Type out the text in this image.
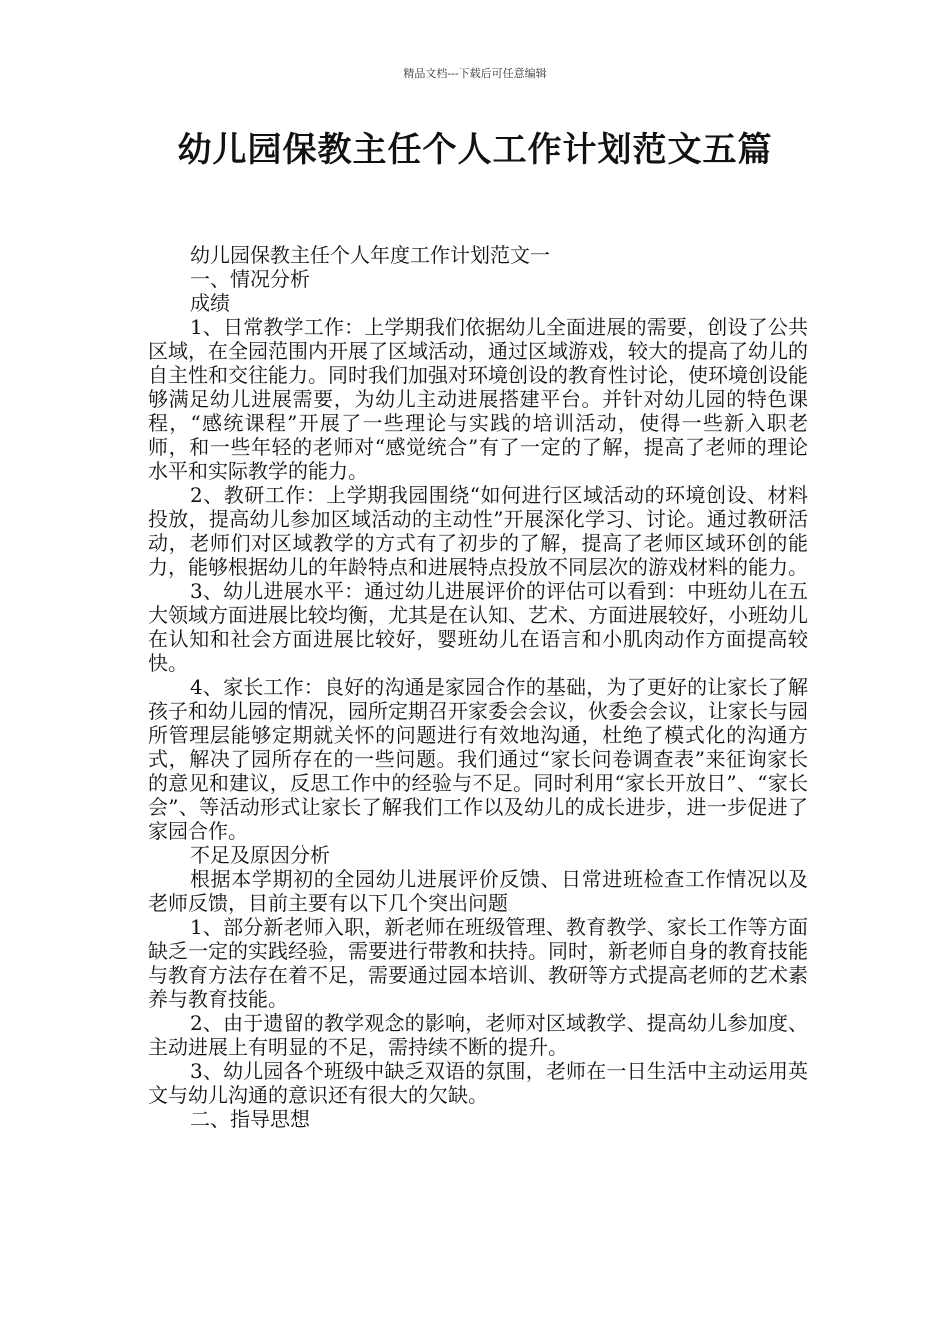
精品文档---下载后可任意编辑
幼儿园保教主任个人工作计划范文五篇

幼儿园保教主任个人年度工作计划范文一

一、情况分析

成绩

1、日常教学工作：上学期我们依据幼儿全面进展的需要，创设了公共区域，在全园范围内开展了区域活动，通过区域游戏，较大的提高了幼儿的自主性和交往能力。同时我们加强对环境创设的教育性讨论，使环境创设能够满足幼儿进展需要，为幼儿主动进展搭建平台。并针对幼儿园的特色课程，“感统课程”开展了一些理论与实践的培训活动，使得一些新入职老师，和一些年轻的老师对“感觉统合”有了一定的了解，提高了老师的理论水平和实际教学的能力。

2、教研工作：上学期我园围绕“如何进行区域活动的环境创设、材料投放，提高幼儿参加区域活动的主动性”开展深化学习、讨论。通过教研活动，老师们对区域教学的方式有了初步的了解，提高了老师区域环创的能力，能够根据幼儿的年龄特点和进展特点投放不同层次的游戏材料的能力。

3、幼儿进展水平：通过幼儿进展评价的评估可以看到：中班幼儿在五大领域方面进展比较均衡，尤其是在认知、艺术、方面进展较好，小班幼儿在认知和社会方面进展比较好，婴班幼儿在语言和小肌肉动作方面提高较快。

4、家长工作：良好的沟通是家园合作的基础，为了更好的让家长了解孩子和幼儿园的情况，园所定期召开家委会会议，伙委会会议，让家长与园所管理层能够定期就关怀的问题进行有效地沟通，杜绝了模式化的沟通方式，解决了园所存在的一些问题。我们通过“家长问卷调查表”来征询家长的意见和建议，反思工作中的经验与不足。同时利用“家长开放日”、“家长会”、等活动形式让家长了解我们工作以及幼儿的成长进步，进一步促进了家园合作。

不足及原因分析

根据本学期初的全园幼儿进展评价反馈、日常进班检查工作情况以及老师反馈，目前主要有以下几个突出问题

1、部分新老师入职，新老师在班级管理、教育教学、家长工作等方面缺乏一定的实践经验，需要进行带教和扶持。同时，新老师自身的教育技能与教育方法存在着不足，需要通过园本培训、教研等方式提高老师的艺术素养与教育技能。

2、由于遗留的教学观念的影响，老师对区域教学、提高幼儿参加度、主动进展上有明显的不足，需持续不断的提升。

3、幼儿园各个班级中缺乏双语的氛围，老师在一日生活中主动运用英文与幼儿沟通的意识还有很大的欠缺。

二、指导思想
